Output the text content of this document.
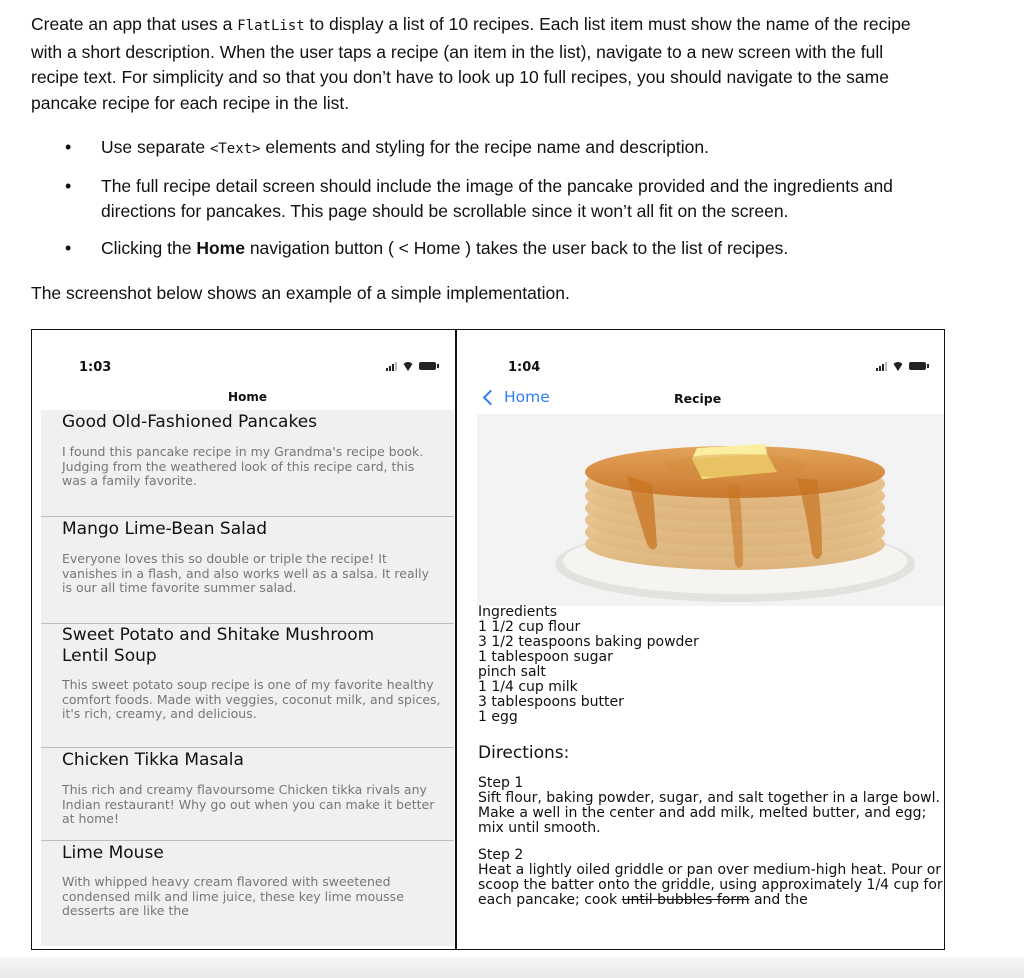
Create an app that uses a FlatList to display a list of 10 recipes. Each list item must show the name of the recipe with a short description. When the user taps a recipe (an item in the list), navigate to a new screen with the full recipe text. For simplicity and so that you don’t have to look up 10 full recipes, you should navigate to the same pancake recipe for each recipe in the list.

• Use separate <Text> elements and styling for the recipe name and description.
• The full recipe detail screen should include the image of the pancake provided and the ingredients and directions for pancakes. This page should be scrollable since it won’t all fit on the screen.
• Clicking the Home navigation button ( < Home ) takes the user back to the list of recipes.
The screenshot below shows an example of a simple implementation.
1:03
Home
Good Old-Fashioned Pancakes
I found this pancake recipe in my Grandma's recipe book. Judging from the weathered look of this recipe card, this was a family favorite.
Mango Lime-Bean Salad
Everyone loves this so double or triple the recipe! It vanishes in a flash, and also works well as a salsa. It really is our all time favorite summer salad.
Sweet Potato and Shitake Mushroom Lentil Soup
This sweet potato soup recipe is one of my favorite healthy comfort foods. Made with veggies, coconut milk, and spices, it's rich, creamy, and delicious.
Chicken Tikka Masala
This rich and creamy flavoursome Chicken tikka rivals any Indian restaurant! Why go out when you can make it better at home!
Lime Mouse
With whipped heavy cream flavored with sweetened condensed milk and lime juice, these key lime mousse desserts are like the
1:04
Home	Recipe
Ingredients
1 1/2 cup flour
3 1/2 teaspoons baking powder
1 tablespoon sugar
pinch salt
1 1/4 cup milk
3 tablespoons butter
1 egg
Directions:
Step 1
Sift flour, baking powder, sugar, and salt together in a large bowl. Make a well in the center and add milk, melted butter, and egg; mix until smooth.
Step 2
Heat a lightly oiled griddle or pan over medium-high heat. Pour or scoop the batter onto the griddle, using approximately 1/4 cup for each pancake; cook until bubbles form and the
